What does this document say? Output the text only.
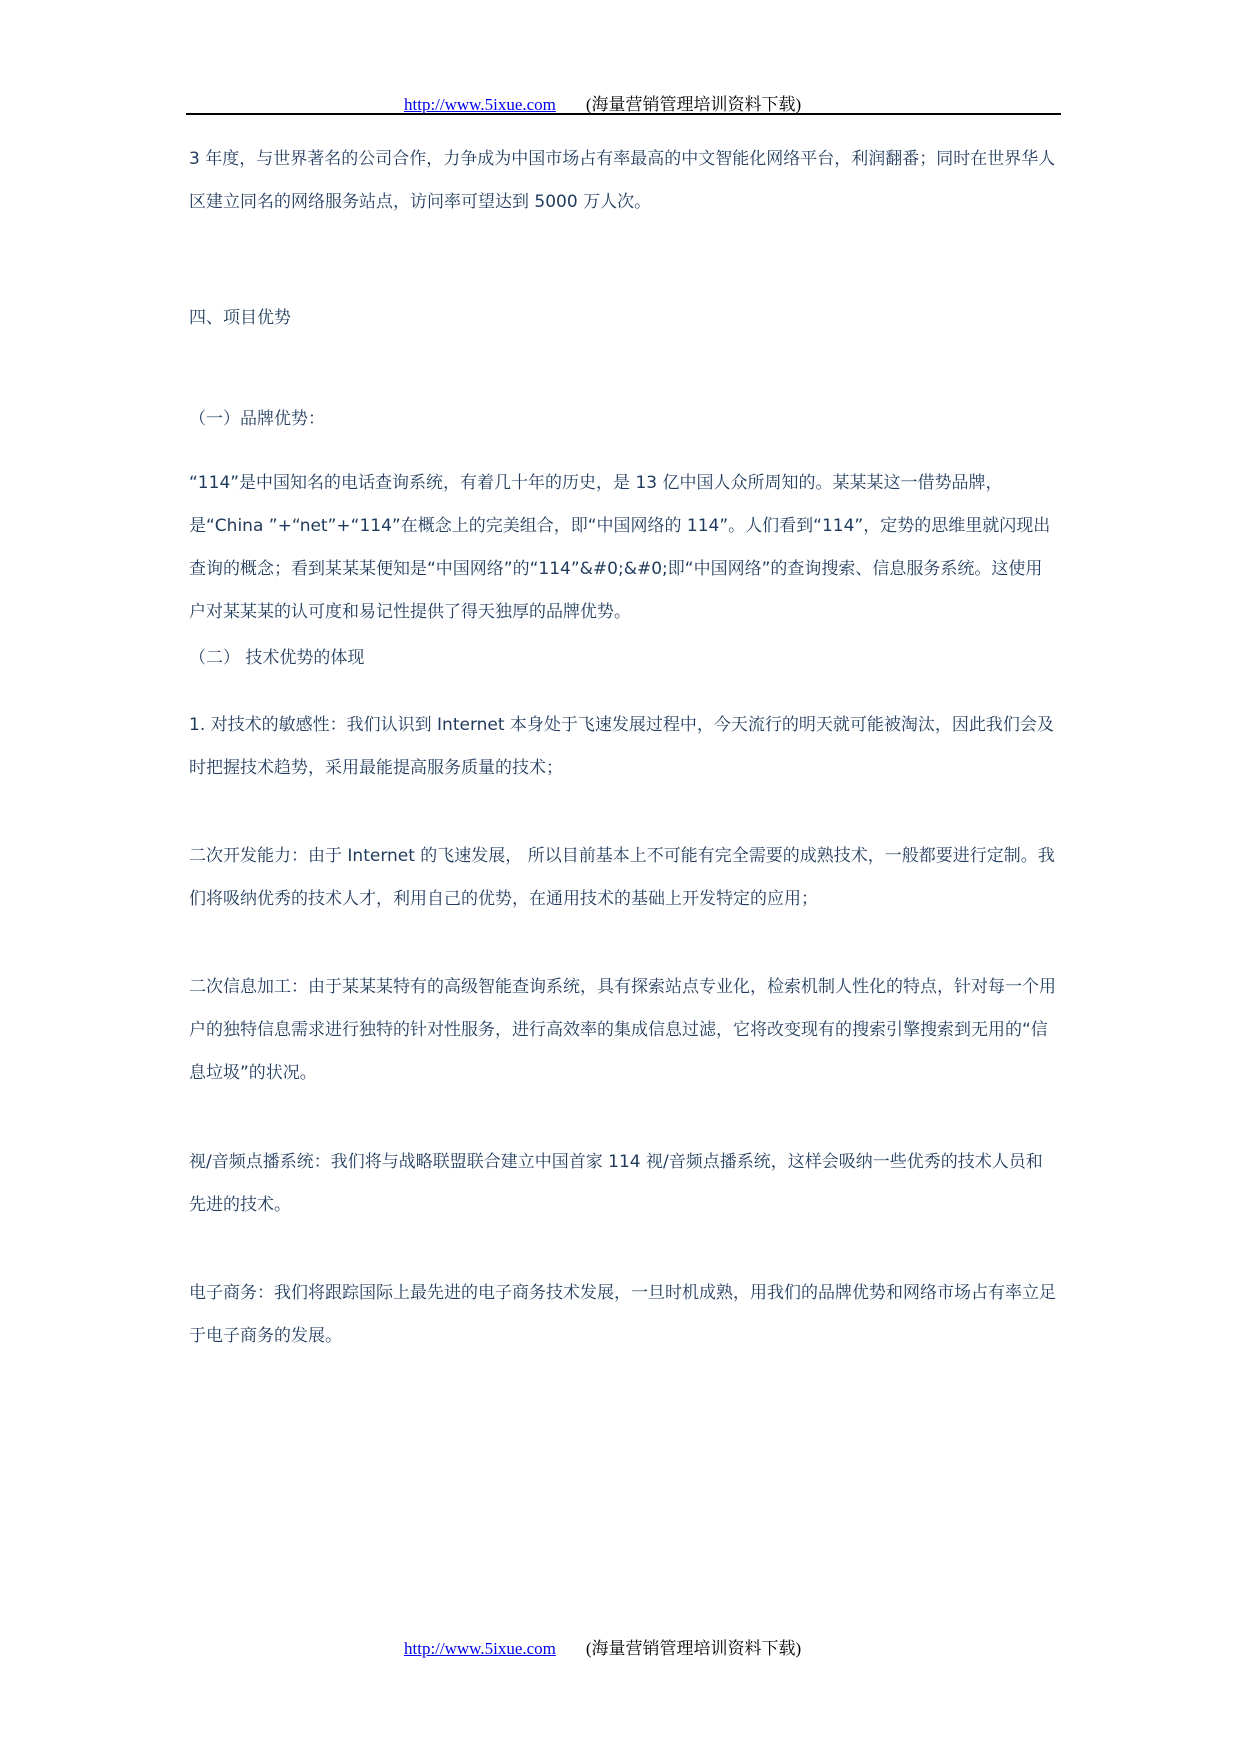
http://www.5ixue.com (海量营销管理培训资料下载)

3 年度，与世界著名的公司合作，力争成为中国市场占有率最高的中文智能化网络平台，利润翻番；同时在世界华人区建立同名的网络服务站点，访问率可望达到 5000 万人次。

四、项目优势

（一）品牌优势：

“114”是中国知名的电话查询系统，有着几十年的历史，是 13 亿中国人众所周知的。某某某这一借势品牌，是“China ”+“net”+“114”在概念上的完美组合，即“中国网络的 114”。人们看到“114”，定势的思维里就闪现出查询的概念；看到某某某便知是“中国网络”的“114”&#0;&#0;即“中国网络”的查询搜索、信息服务系统。这使用户对某某某的认可度和易记性提供了得天独厚的品牌优势。

（二） 技术优势的体现

1. 对技术的敏感性：我们认识到 Internet 本身处于飞速发展过程中，今天流行的明天就可能被淘汰，因此我们会及时把握技术趋势，采用最能提高服务质量的技术；

二次开发能力：由于 Internet 的飞速发展， 所以目前基本上不可能有完全需要的成熟技术，一般都要进行定制。我们将吸纳优秀的技术人才，利用自己的优势，在通用技术的基础上开发特定的应用；

二次信息加工：由于某某某特有的高级智能查询系统，具有探索站点专业化，检索机制人性化的特点，针对每一个用户的独特信息需求进行独特的针对性服务，进行高效率的集成信息过滤，它将改变现有的搜索引擎搜索到无用的“信息垃圾”的状况。

视/音频点播系统：我们将与战略联盟联合建立中国首家 114 视/音频点播系统，这样会吸纳一些优秀的技术人员和先进的技术。

电子商务：我们将跟踪国际上最先进的电子商务技术发展，一旦时机成熟，用我们的品牌优势和网络市场占有率立足于电子商务的发展。

http://www.5ixue.com (海量营销管理培训资料下载)
